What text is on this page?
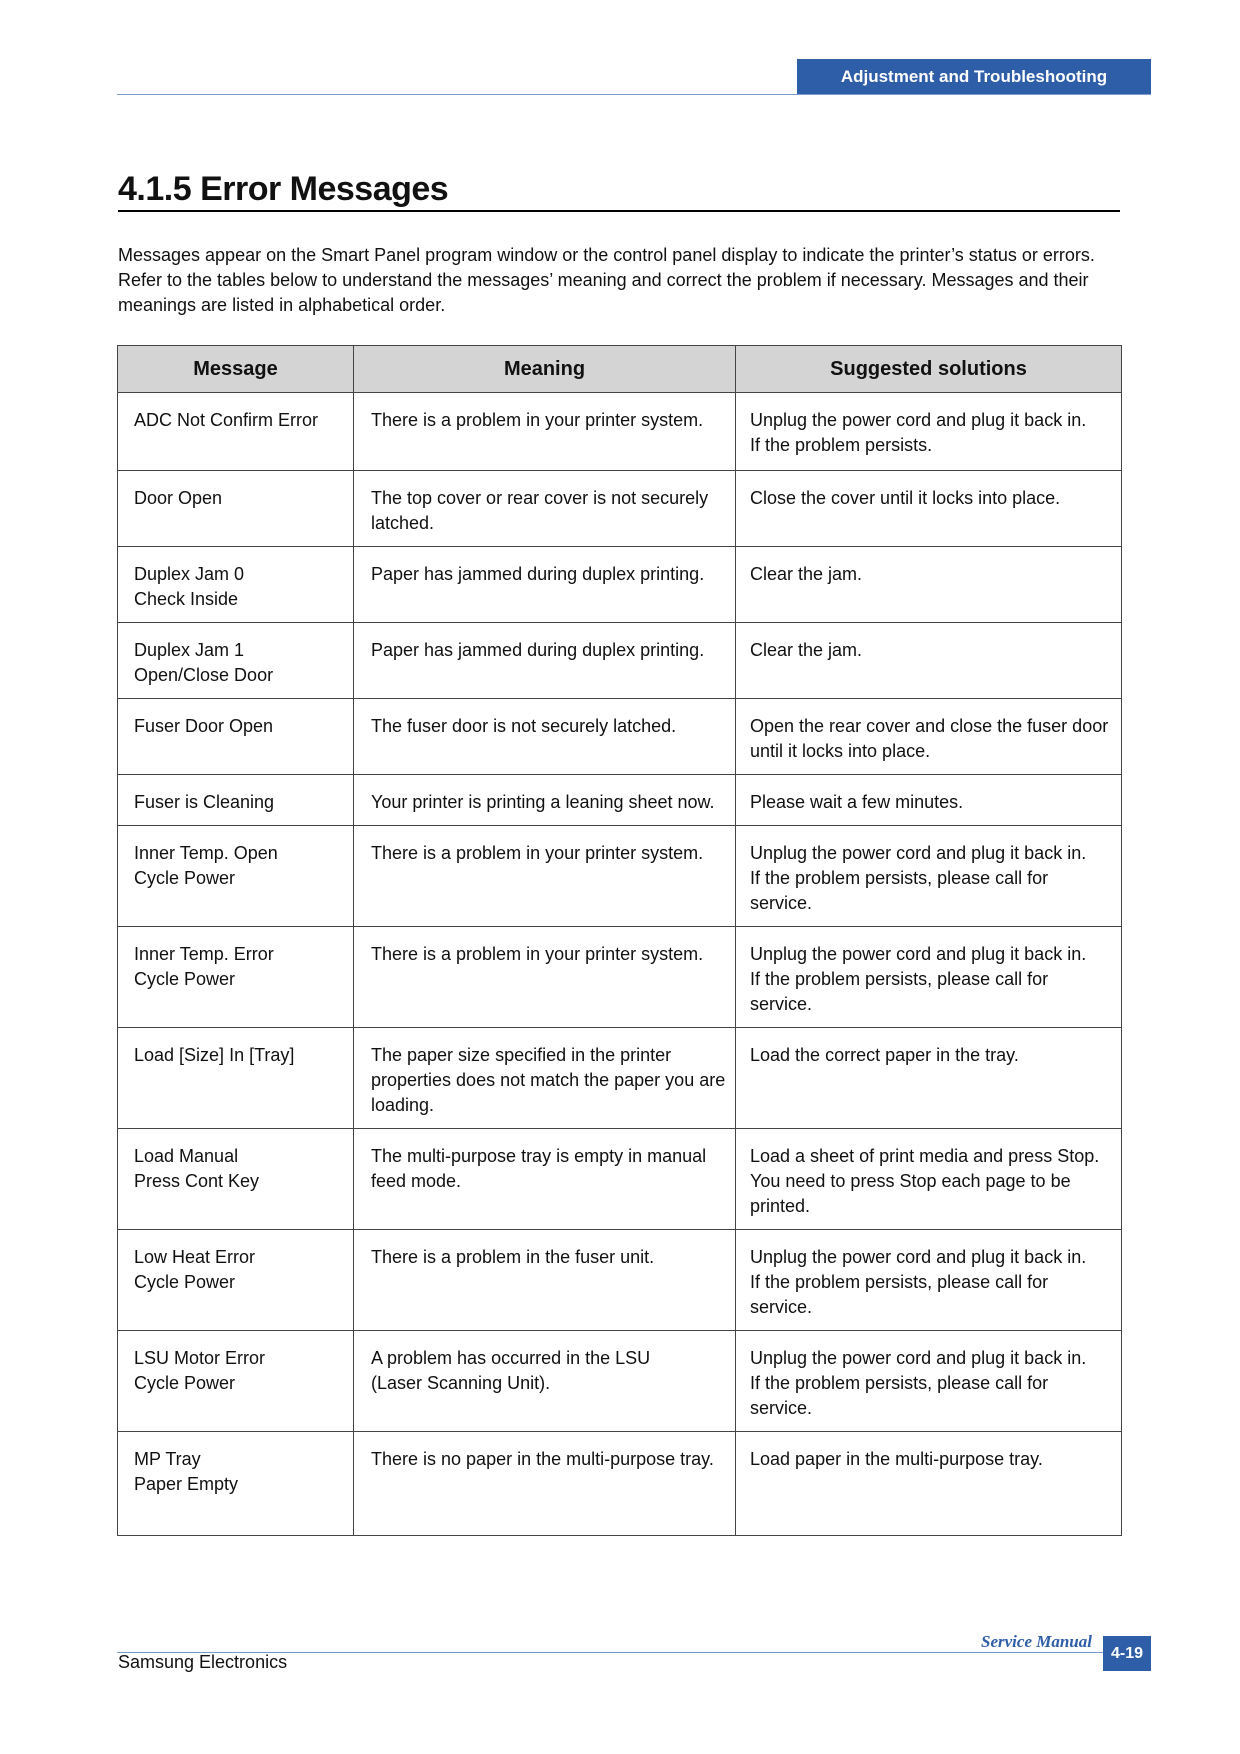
Adjustment and Troubleshooting
4.1.5 Error Messages

Messages appear on the Smart Panel program window or the control panel display to indicate the printer’s status or errors. Refer to the tables below to understand the messages’ meaning and correct the problem if necessary. Messages and their meanings are listed in alphabetical order.

Message	Meaning	Suggested solutions
ADC Not Confirm Error	There is a problem in your printer system.	Unplug the power cord and plug it back in.
If the problem persists.
Door Open	The top cover or rear cover is not securely latched.	Close the cover until it locks into place.
Duplex Jam 0
Check Inside	Paper has jammed during duplex printing.	Clear the jam.
Duplex Jam 1
Open/Close Door	Paper has jammed during duplex printing.	Clear the jam.
Fuser Door Open	The fuser door is not securely latched.	Open the rear cover and close the fuser door until it locks into place.
Fuser is Cleaning	Your printer is printing a leaning sheet now.	Please wait a few minutes.
Inner Temp. Open
Cycle Power	There is a problem in your printer system.	Unplug the power cord and plug it back in.
If the problem persists, please call for service.
Inner Temp. Error
Cycle Power	There is a problem in your printer system.	Unplug the power cord and plug it back in.
If the problem persists, please call for service.
Load [Size] In [Tray]	The paper size specified in the printer properties does not match the paper you are loading.	Load the correct paper in the tray.
Load Manual
Press Cont Key	The multi-purpose tray is empty in manual feed mode.	Load a sheet of print media and press Stop.
You need to press Stop each page to be printed.
Low Heat Error
Cycle Power	There is a problem in the fuser unit.	Unplug the power cord and plug it back in.
If the problem persists, please call for service.
LSU Motor Error
Cycle Power	A problem has occurred in the LSU
(Laser Scanning Unit).	Unplug the power cord and plug it back in.
If the problem persists, please call for service.
MP Tray
Paper Empty	There is no paper in the multi-purpose tray.	Load paper in the multi-purpose tray.
Service Manual
4-19
Samsung Electronics
